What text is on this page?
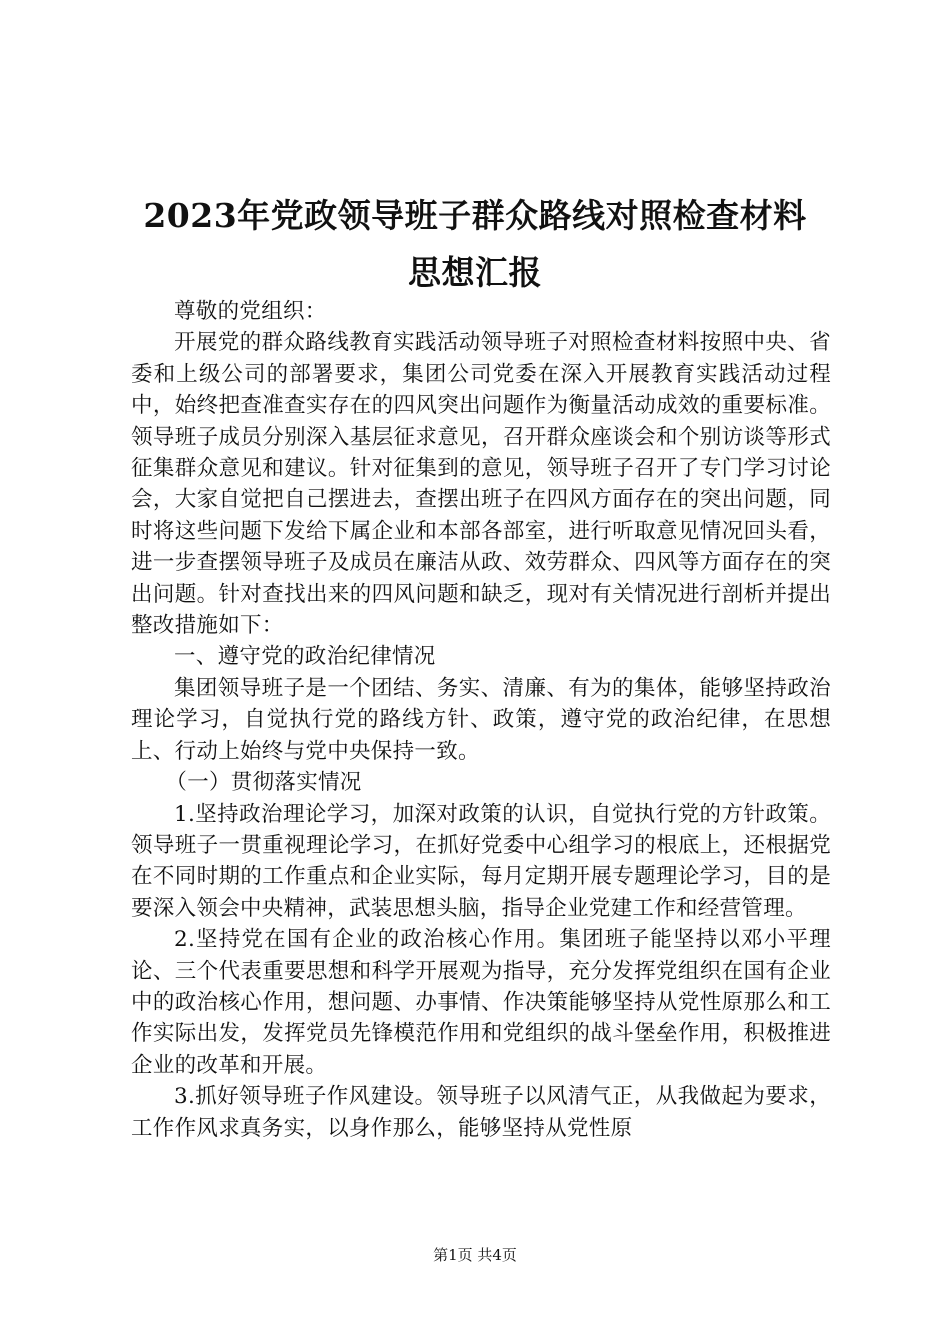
2023年党政领导班子群众路线对照检查材料
思想汇报

尊敬的党组织：

开展党的群众路线教育实践活动领导班子对照检查材料按照中央、省委和上级公司的部署要求，集团公司党委在深入开展教育实践活动过程中，始终把查准查实存在的四风突出问题作为衡量活动成效的重要标准。领导班子成员分别深入基层征求意见，召开群众座谈会和个别访谈等形式征集群众意见和建议。针对征集到的意见，领导班子召开了专门学习讨论会，大家自觉把自己摆进去，查摆出班子在四风方面存在的突出问题，同时将这些问题下发给下属企业和本部各部室，进行听取意见情况回头看，进一步查摆领导班子及成员在廉洁从政、效劳群众、四风等方面存在的突出问题。针对查找出来的四风问题和缺乏，现对有关情况进行剖析并提出整改措施如下：

一、遵守党的政治纪律情况

集团领导班子是一个团结、务实、清廉、有为的集体，能够坚持政治理论学习，自觉执行党的路线方针、政策，遵守党的政治纪律，在思想上、行动上始终与党中央保持一致。

（一）贯彻落实情况

1.坚持政治理论学习，加深对政策的认识，自觉执行党的方针政策。领导班子一贯重视理论学习，在抓好党委中心组学习的根底上，还根据党在不同时期的工作重点和企业实际，每月定期开展专题理论学习，目的是要深入领会中央精神，武装思想头脑，指导企业党建工作和经营管理。

2.坚持党在国有企业的政治核心作用。集团班子能坚持以邓小平理论、三个代表重要思想和科学开展观为指导，充分发挥党组织在国有企业中的政治核心作用，想问题、办事情、作决策能够坚持从党性原那么和工作实际出发，发挥党员先锋模范作用和党组织的战斗堡垒作用，积极推进企业的改革和开展。

3.抓好领导班子作风建设。领导班子以风清气正，从我做起为要求，工作作风求真务实，以身作那么，能够坚持从党性原

第1页 共4页
